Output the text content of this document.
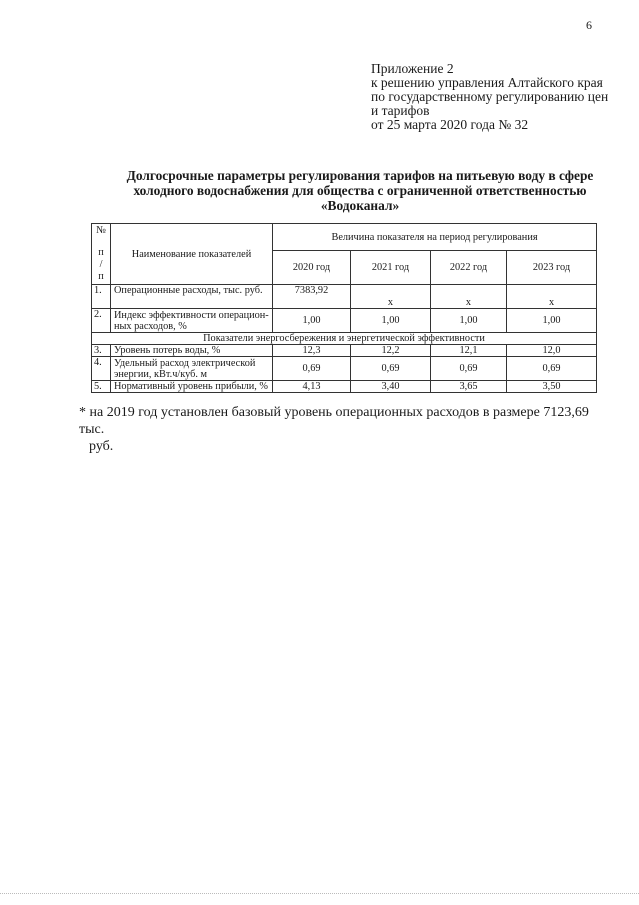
6
Приложение 2
к решению управления Алтайского края
по государственному регулированию цен
и тарифов
от 25 марта 2020 года № 32
Долгосрочные параметры регулирования тарифов на питьевую воду в сфере
холодного водоснабжения для общества с ограниченной ответственностью
«Водоканал»
№
п / п	Наименование показателей	Величина показателя на период регулирования			
		2020 год	2021 год	2022 год	2023 год
1.	Операционные расходы, тыс. руб.	7383,92	х	х	х
2.	Индекс эффективности операцион-ных расходов, %	1,00	1,00	1,00	1,00
Показатели энергосбережения и энергетической эффективности					
3.	Уровень потерь воды, %	12,3	12,2	12,1	12,0
4.	Удельный расход электрической энергии, кВт.ч/куб. м	0,69	0,69	0,69	0,69
5.	Нормативный уровень прибыли, %	4,13	3,40	3,65	3,50
* на 2019 год установлен базовый уровень операционных расходов в размере 7123,69 тыс.
руб.
